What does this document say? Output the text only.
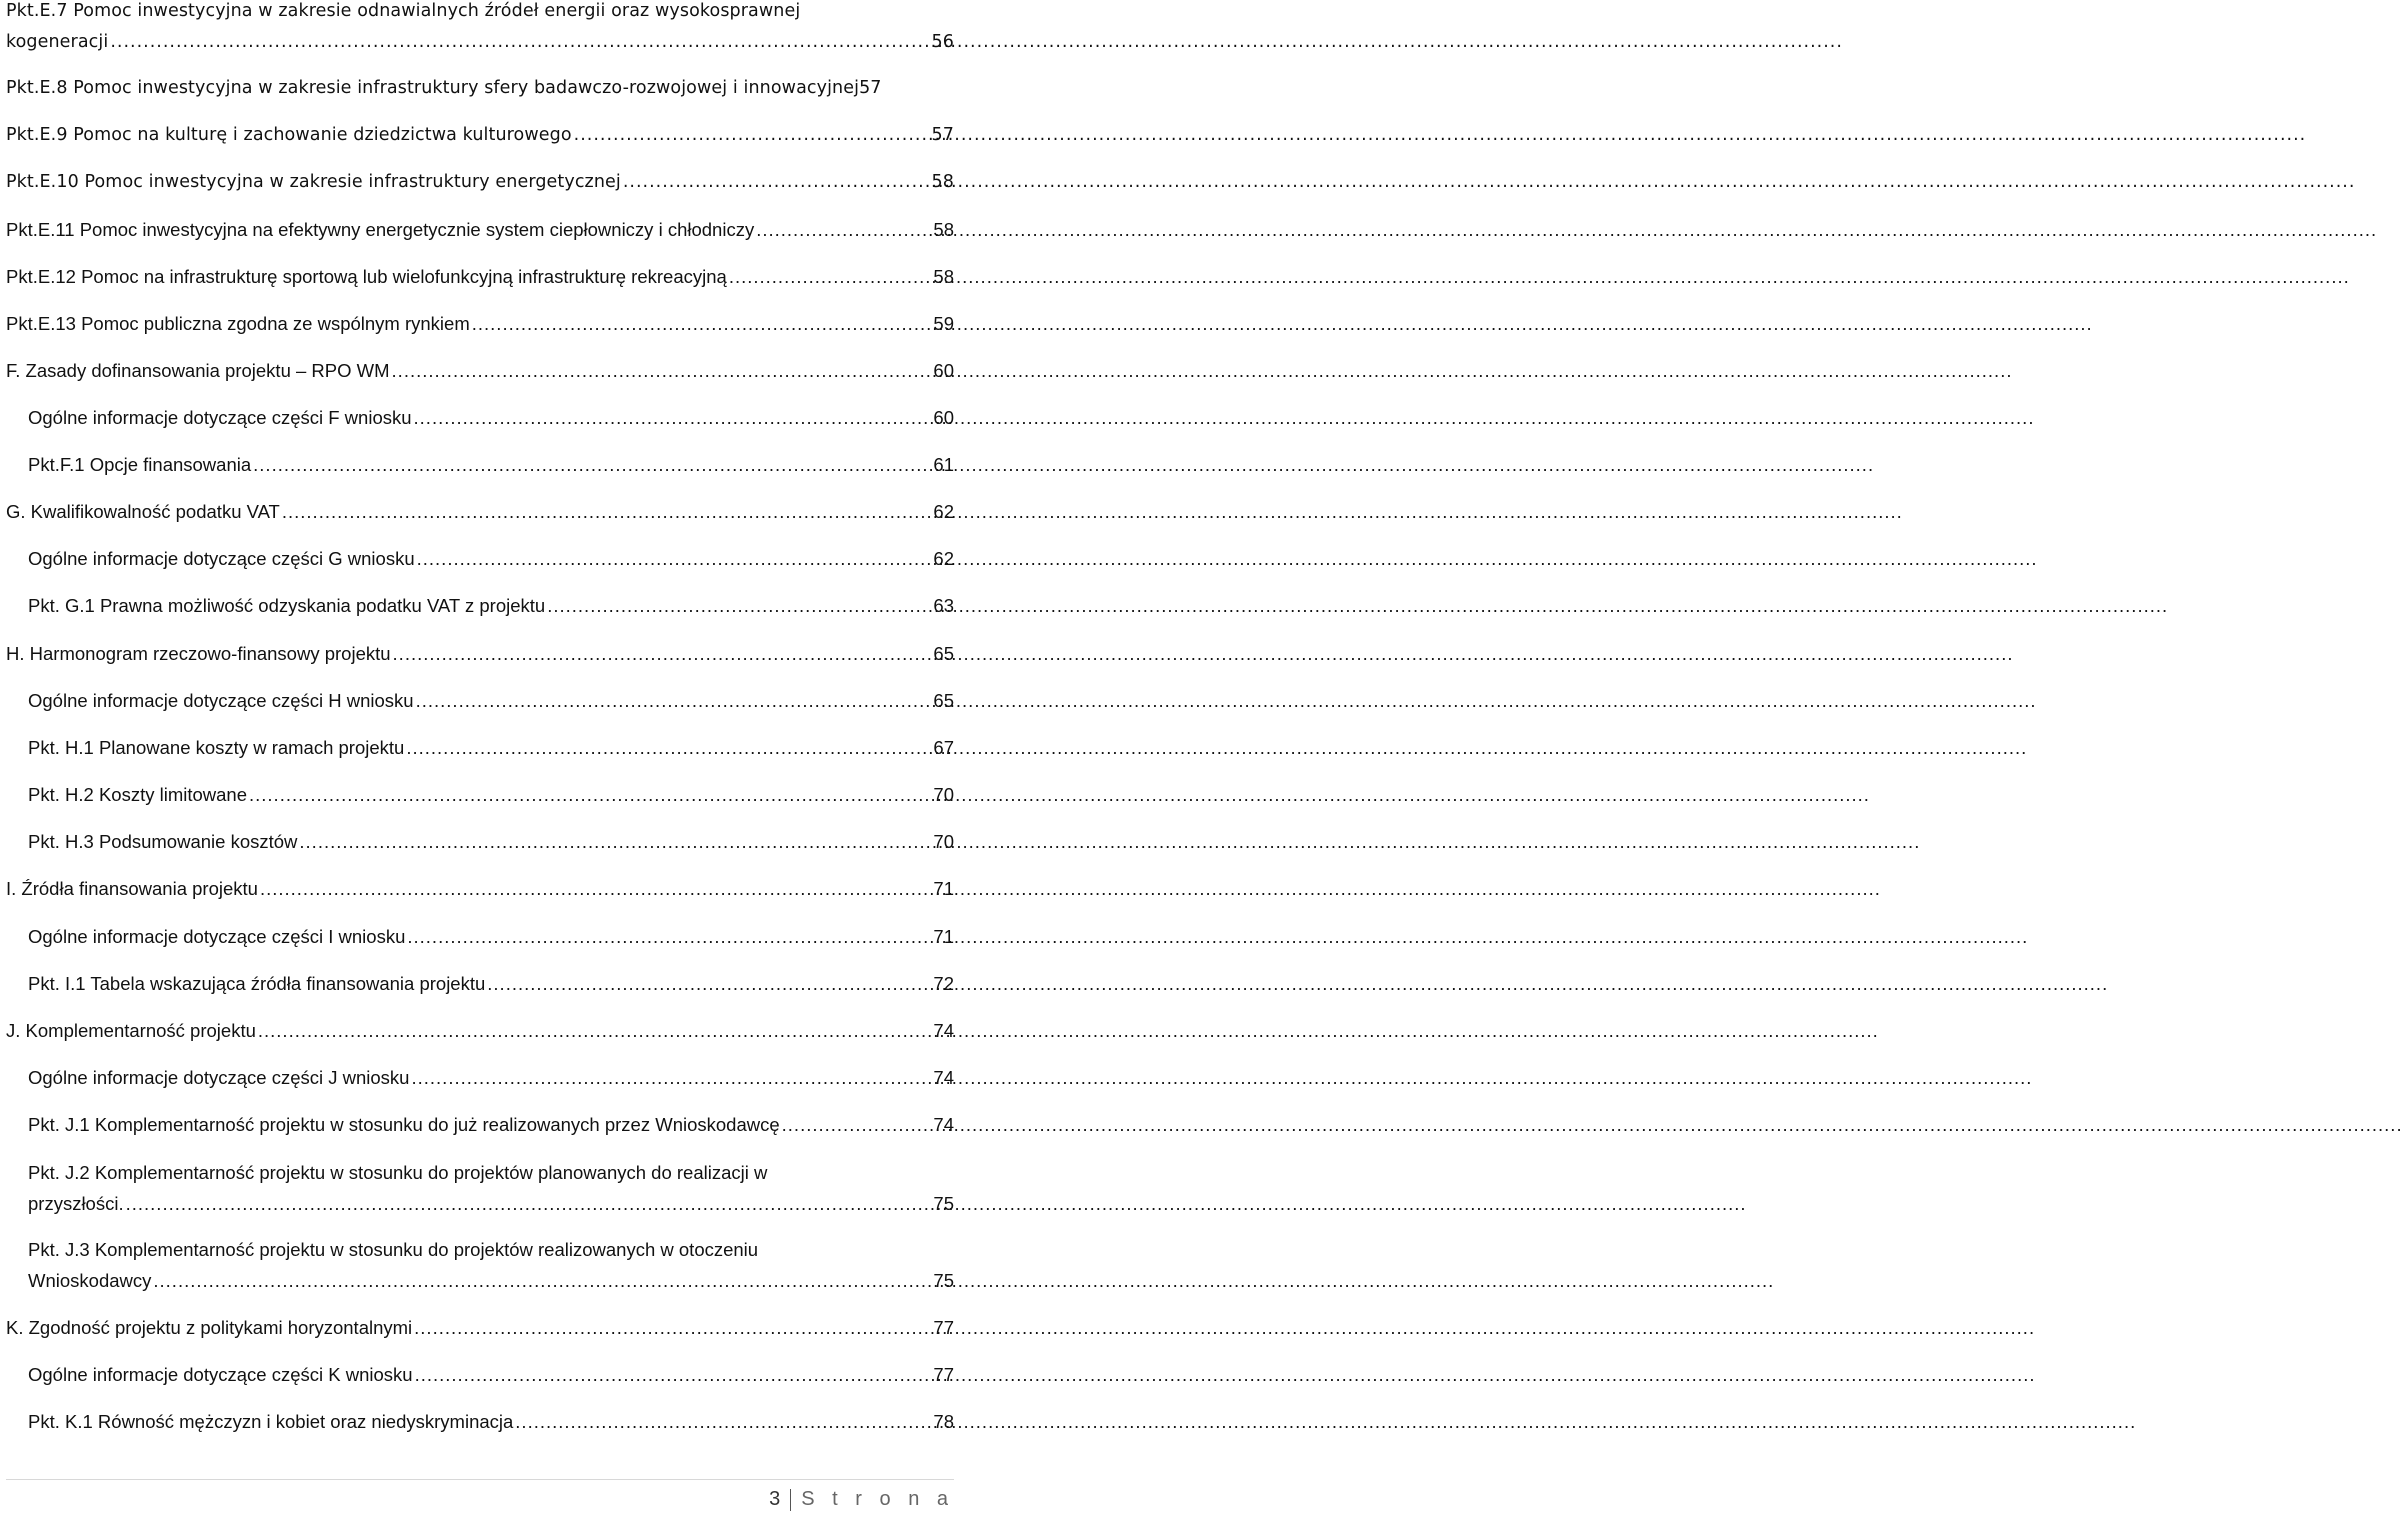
Pkt.E.7 Pomoc inwestycyjna w zakresie odnawialnych źródeł energii oraz wysokosprawnej
kogeneracji .....	56
Pkt.E.8 Pomoc inwestycyjna w zakresie infrastruktury sfery badawczo-rozwojowej i innowacyjnej 57
Pkt.E.9 Pomoc na kulturę i zachowanie dziedzictwa kulturowego .....	57
Pkt.E.10 Pomoc inwestycyjna w zakresie infrastruktury energetycznej .....	58
Pkt.E.11 Pomoc inwestycyjna na efektywny energetycznie system ciepłowniczy i chłodniczy .....	58
Pkt.E.12 Pomoc na infrastrukturę sportową lub wielofunkcyjną infrastrukturę rekreacyjną .....	58
Pkt.E.13 Pomoc publiczna zgodna ze wspólnym rynkiem .....	59
F. Zasady dofinansowania projektu – RPO WM .....	60
Ogólne informacje dotyczące części F wniosku .....	60
Pkt.F.1 Opcje finansowania .....	61
G. Kwalifikowalność podatku VAT .....	62
Ogólne informacje dotyczące części G wniosku .....	62
Pkt. G.1 Prawna możliwość odzyskania podatku VAT z projektu .....	63
H. Harmonogram rzeczowo-finansowy projektu .....	65
Ogólne informacje dotyczące części H wniosku .....	65
Pkt. H.1 Planowane koszty w ramach projektu .....	67
Pkt. H.2 Koszty limitowane .....	70
Pkt. H.3 Podsumowanie kosztów .....	70
I. Źródła finansowania projektu .....	71
Ogólne informacje dotyczące części I wniosku .....	71
Pkt. I.1 Tabela wskazująca źródła finansowania projektu .....	72
J. Komplementarność projektu .....	74
Ogólne informacje dotyczące części J wniosku .....	74
Pkt. J.1 Komplementarność projektu w stosunku do już realizowanych przez Wnioskodawcę .....	74
Pkt. J.2 Komplementarność projektu w stosunku do projektów planowanych do realizacji w
przyszłości. .....	75
Pkt. J.3 Komplementarność projektu w stosunku do projektów realizowanych w otoczeniu
Wnioskodawcy .....	75
K. Zgodność projektu z politykami horyzontalnymi .....	77
Ogólne informacje dotyczące części K wniosku .....	77
Pkt. K.1 Równość mężczyzn i kobiet oraz niedyskryminacja .....	78
3 S t r o n a
